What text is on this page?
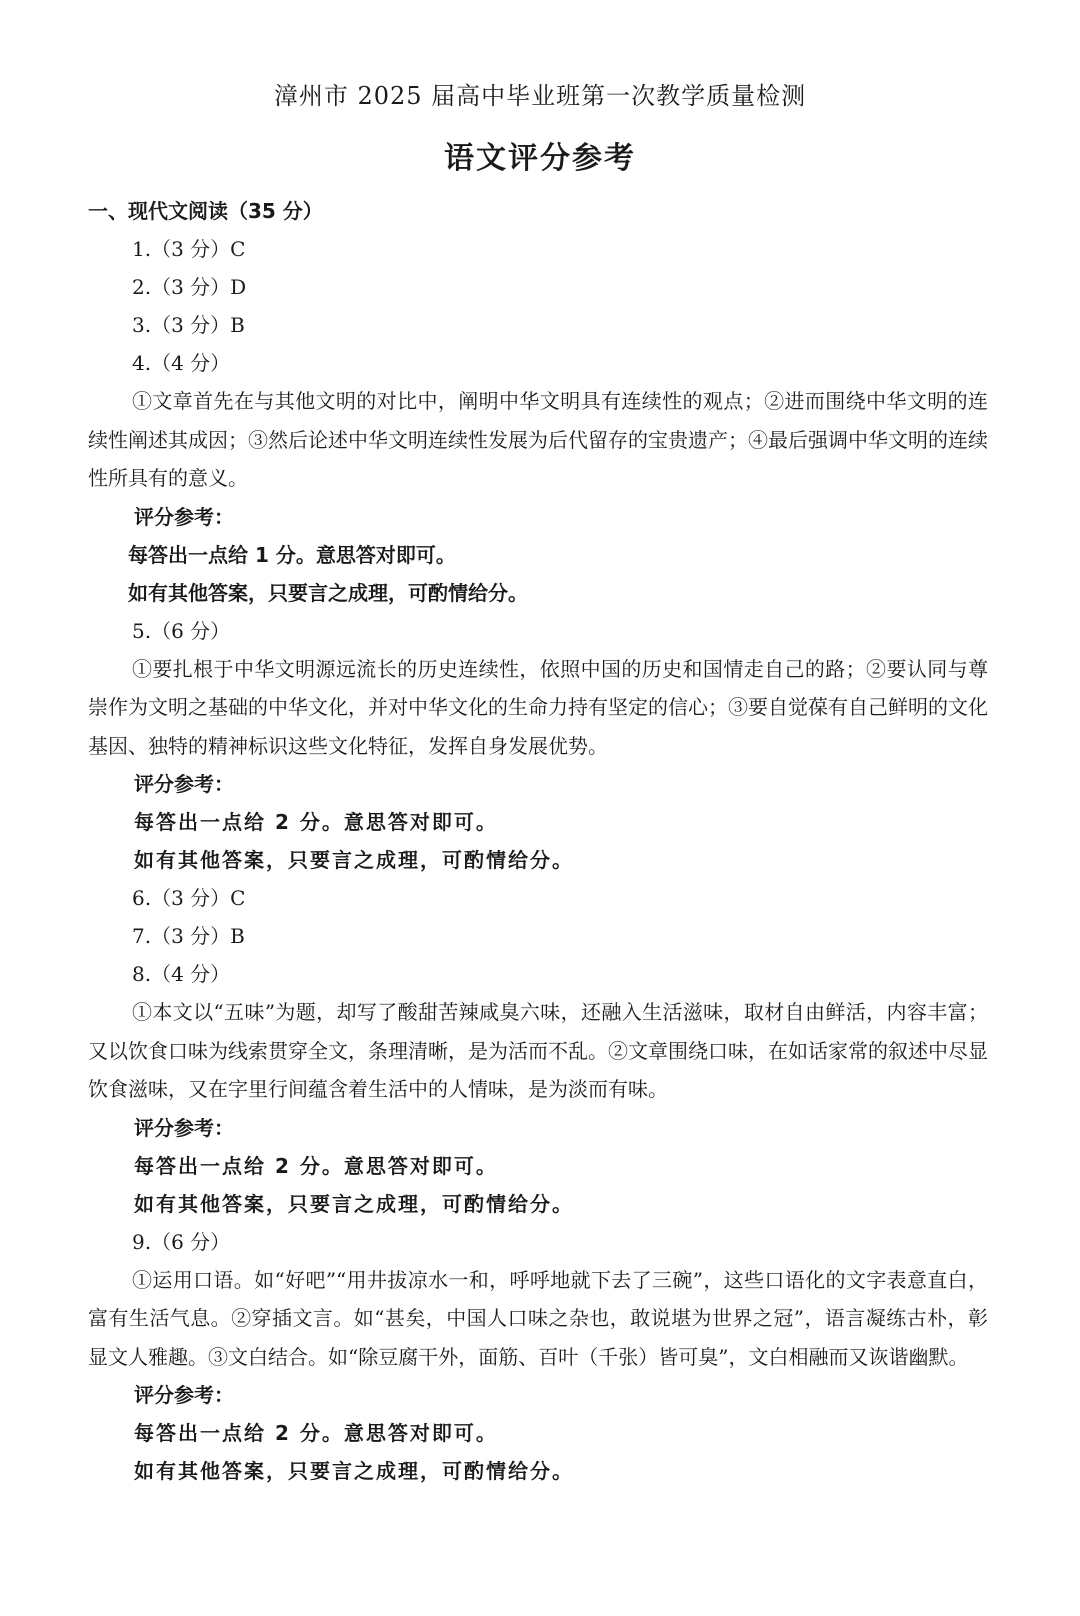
漳州市 2025 届高中毕业班第一次教学质量检测
语文评分参考
一、现代文阅读（35 分）
1.（3 分）C
2.（3 分）D
3.（3 分）B
4.（4 分）

①文章首先在与其他文明的对比中，阐明中华文明具有连续性的观点；②进而围绕中华文明的连续性阐述其成因；③然后论述中华文明连续性发展为后代留存的宝贵遗产；④最后强调中华文明的连续性所具有的意义。

评分参考：
每答出一点给 1 分。意思答对即可。
如有其他答案，只要言之成理，可酌情给分。
5.（6 分）

①要扎根于中华文明源远流长的历史连续性，依照中国的历史和国情走自己的路；②要认同与尊崇作为文明之基础的中华文化，并对中华文化的生命力持有坚定的信心；③要自觉葆有自己鲜明的文化基因、独特的精神标识这些文化特征，发挥自身发展优势。

评分参考：
每答出一点给 2 分。意思答对即可。
如有其他答案，只要言之成理，可酌情给分。
6.（3 分）C
7.（3 分）B
8.（4 分）

①本文以“五味”为题，却写了酸甜苦辣咸臭六味，还融入生活滋味，取材自由鲜活，内容丰富；又以饮食口味为线索贯穿全文，条理清晰，是为活而不乱。②文章围绕口味，在如话家常的叙述中尽显饮食滋味，又在字里行间蕴含着生活中的人情味，是为淡而有味。

评分参考：
每答出一点给 2 分。意思答对即可。
如有其他答案，只要言之成理，可酌情给分。
9.（6 分）

①运用口语。如“好吧”“用井拔凉水一和，呼呼地就下去了三碗”，这些口语化的文字表意直白，富有生活气息。②穿插文言。如“甚矣，中国人口味之杂也，敢说堪为世界之冠”，语言凝练古朴，彰显文人雅趣。③文白结合。如“除豆腐干外，面筋、百叶（千张）皆可臭”，文白相融而又诙谐幽默。

评分参考：
每答出一点给 2 分。意思答对即可。
如有其他答案，只要言之成理，可酌情给分。
